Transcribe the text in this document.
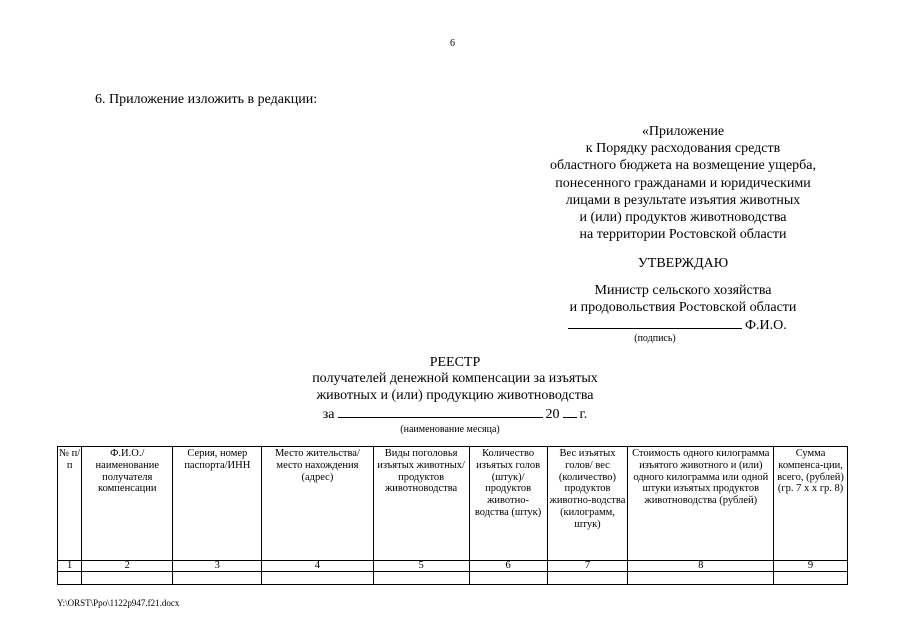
6
6. Приложение изложить в редакции:
«Приложение
к Порядку расходования средств
областного бюджета на возмещение ущерба,
понесенного гражданами и юридическими
лицами в результате изъятия животных
и (или) продуктов животноводства
на территории Ростовской области
УТВЕРЖДАЮ
Министр сельского хозяйства
и продовольствия Ростовской области
Ф.И.О.
(подпись)
РЕЕСТР
получателей денежной компенсации за изъятых
животных и (или) продукцию животноводства
за	20 г.
(наименование месяца)
№ п/п	Ф.И.О./ наименование получателя компенсации	Серия, номер паспорта/ИНН	Место жительства/ место нахождения (адрес)	Виды поголовья изъятых животных/ продуктов животноводства	Количество изъятых голов (штук)/ продуктов животно-водства (штук)	Вес изъятых голов/ вес (количество) продуктов животно-водства (килограмм, штук)	Стоимость одного килограмма изъятого животного и (или) одного килограмма или одной штуки изъятых продуктов животноводства (рублей)	Сумма компенса-ции, всего, (рублей) (гр. 7 х х гр. 8)
1	2	3	4	5	6	7	8	9

Y:\ORST\Ppo\1122p947.f21.docx
